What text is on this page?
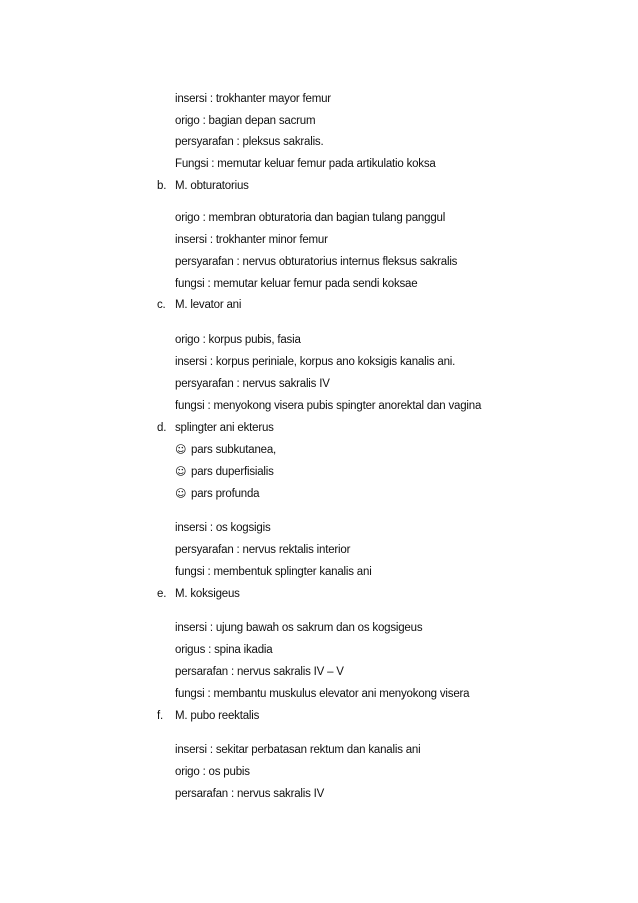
insersi : trokhanter mayor femur
origo : bagian depan sacrum
persyarafan : pleksus sakralis.
Fungsi : memutar keluar femur pada artikulatio koksa
b. M. obturatorius
origo : membran obturatoria dan bagian tulang panggul
insersi : trokhanter minor femur
persyarafan : nervus obturatorius internus fleksus sakralis
fungsi : memutar keluar femur pada sendi koksae
c. M. levator ani
origo : korpus pubis, fasia
insersi : korpus periniale, korpus ano koksigis kanalis ani.
persyarafan : nervus sakralis IV
fungsi : menyokong visera pubis spingter anorektal dan vagina
d. splingter ani ekterus
☺ pars subkutanea,
☺ pars duperfisialis
☺ pars profunda
insersi : os kogsigis
persyarafan : nervus rektalis interior
fungsi : membentuk splingter kanalis ani
e. M. koksigeus
insersi : ujung bawah os sakrum dan os kogsigeus
origus : spina ikadia
persarafan : nervus sakralis IV – V
fungsi : membantu muskulus elevator ani menyokong visera
f. M. pubo reektalis
insersi : sekitar perbatasan rektum dan kanalis ani
origo : os pubis
persarafan : nervus sakralis IV
